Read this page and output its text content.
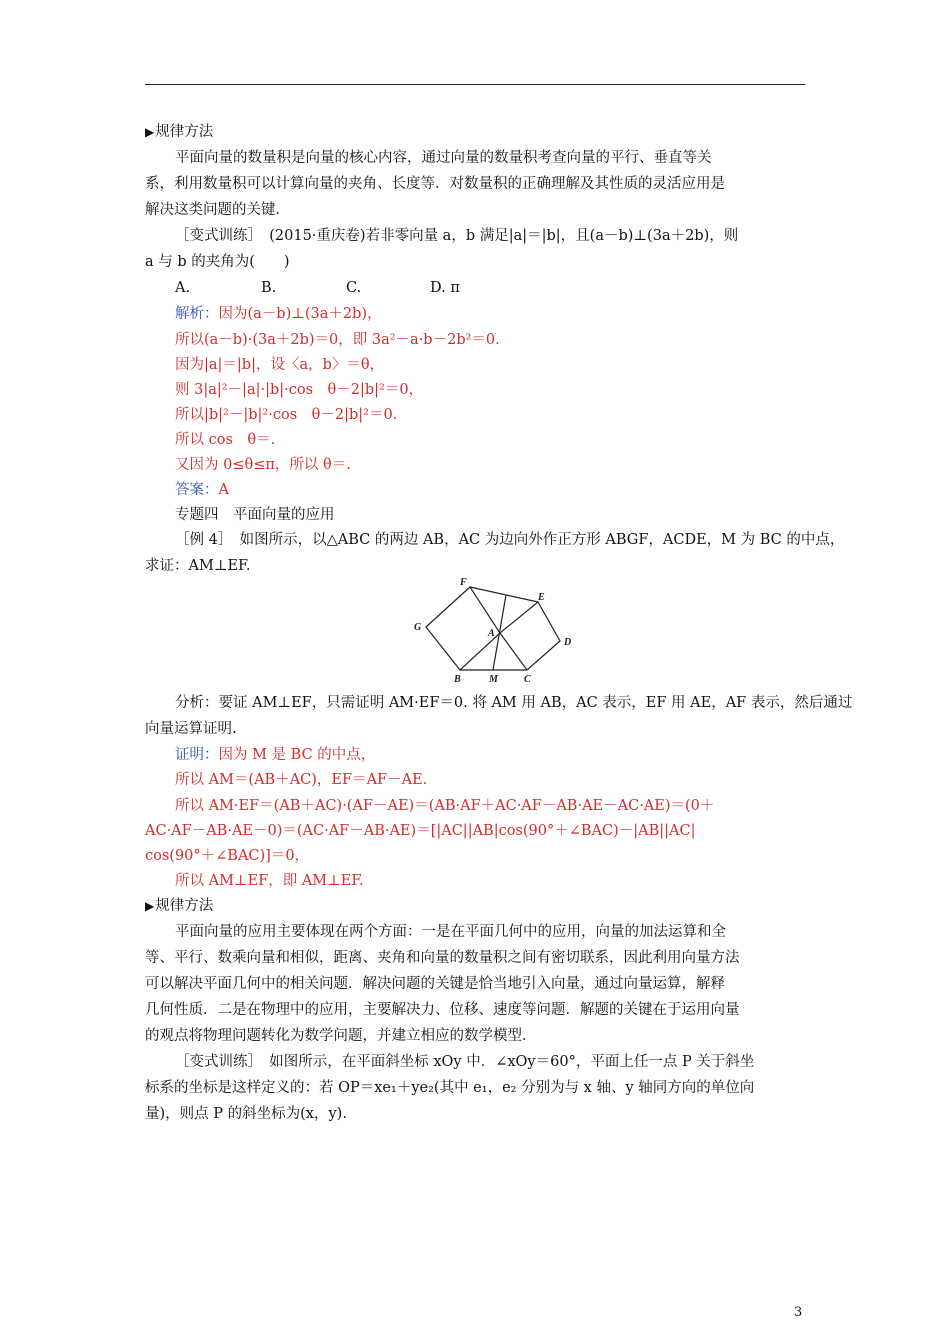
▶规律方法
平面向量的数量积是向量的核心内容，通过向量的数量积考查向量的平行、垂直等关
系，利用数量积可以计算向量的夹角、长度等．对数量积的正确理解及其性质的灵活应用是
解决这类问题的关键．
［变式训练］　(2015·重庆卷)若非零向量 a，b 满足|a|＝|b|，且(a－b)⊥(3a＋2b)，则
a 与 b 的夹角为(　　)
A.	B.	C.	D. π
解析：因为(a－b)⊥(3a＋2b)，
所以(a－b)·(3a＋2b)＝0，即 3a²－a·b－2b²＝0.
因为|a|＝|b|，设〈a，b〉＝θ，
则 3|a|²－|a|·|b|·cos　θ－2|b|²＝0，
所以|b|²－|b|²·cos　θ－2|b|²＝0.
所以 cos　θ＝.
又因为 0≤θ≤π，所以 θ＝.
答案：A
专题四　平面向量的应用
［例 4］　如图所示，以△ABC 的两边 AB，AC 为边向外作正方形 ABGF，ACDE，M 为 BC 的中点，
求证：AM⊥EF.
F
E
G
A
D
B	M	C
分析：要证 AM⊥EF，只需证明 AM·EF＝0. 将 AM 用 AB，AC 表示，EF 用 AE，AF 表示，然后通过
向量运算证明.
证明：因为 M 是 BC 的中点，
所以 AM＝(AB＋AC)，EF＝AF－AE.
所以 AM·EF＝(AB＋AC)·(AF－AE)＝(AB·AF＋AC·AF－AB·AE－AC·AE)＝(0＋
AC·AF－AB·AE－0)＝(AC·AF－AB·AE)＝[|AC||AB|cos(90°＋∠BAC)－|AB||AC|
cos(90°＋∠BAC)]＝0，
所以 AM⊥EF，即 AM⊥EF.
▶规律方法
平面向量的应用主要体现在两个方面：一是在平面几何中的应用，向量的加法运算和全
等、平行、数乘向量和相似，距离、夹角和向量的数量积之间有密切联系，因此利用向量方法
可以解决平面几何中的相关问题．解决问题的关键是恰当地引入向量，通过向量运算，解释
几何性质．二是在物理中的应用，主要解决力、位移、速度等问题．解题的关键在于运用向量
的观点将物理问题转化为数学问题，并建立相应的数学模型．
［变式训练］　如图所示，在平面斜坐标 xOy 中．∠xOy＝60°，平面上任一点 P 关于斜坐
标系的坐标是这样定义的：若 OP＝xe₁＋ye₂(其中 e₁，e₂ 分别为与 x 轴、y 轴同方向的单位向
量)，则点 P 的斜坐标为(x，y).
3
